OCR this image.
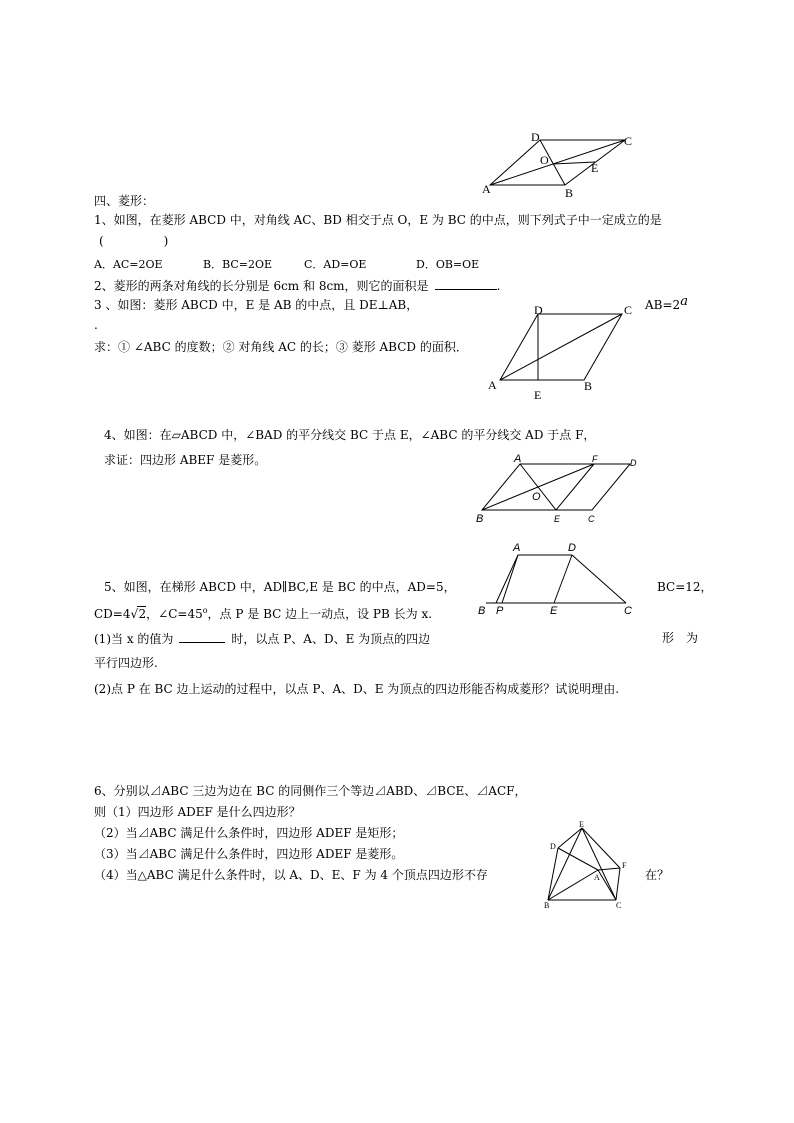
D	C
O
E
A	B
四、菱形：
1、如图，在菱形 ABCD 中，对角线 AC、BD 相交于点 O，E 为 BC 的中点，则下列式子中一定成立的是
(　　　　　)
A．AC=2OE	B．BC=2OE	C．AD=OE	D．OB=OE
2、菱形的两条对角线的长分别是 6cm 和 8cm，则它的面积是	.
3 、如图：菱形 ABCD 中，E 是 AB 的中点，且 DE⊥AB，	AB=2a
.
求：① ∠ABC 的度数；② 对角线 AC 的长；③ 菱形 ABCD 的面积．
D	C
A
E
B
4、如图：在▱ABCD 中，∠BAD 的平分线交 BC 于点 E，∠ABC 的平分线交 AD 于点 F，
求证：四边形 ABEF 是菱形。	A	F	D
O
B	E	C
A	D
B P	E	C
5、如图，在梯形 ABCD 中，AD∥BC,E 是 BC 的中点，AD=5，	BC=12，
CD=4 √ 2，$\angle C=45^o$，点 P 是 BC 边上一动点，设 PB 长为 x.
(1)当 x 的值为	时，以点 P、A、D、E 为顶点的四边	形　为
平行四边形.
(2)点 P 在 BC 边上运动的过程中，以点 P、A、D、E 为顶点的四边形能否构成菱形？试说明理由.
6、分别以⊿ABC 三边为边在 BC 的同侧作三个等边⊿ABD、⊿BCE、⊿ACF，
则（1）四边形 ADEF 是什么四边形？
（2）当⊿ABC 满足什么条件时，四边形 ADEF 是矩形；
（3）当⊿ABC 满足什么条件时，四边形 ADEF 是菱形。
（4）当△ABC 满足什么条件时，以 A、D、E、F 为 4 个顶点四边形不存	在？
E
D
F
A
B	C
